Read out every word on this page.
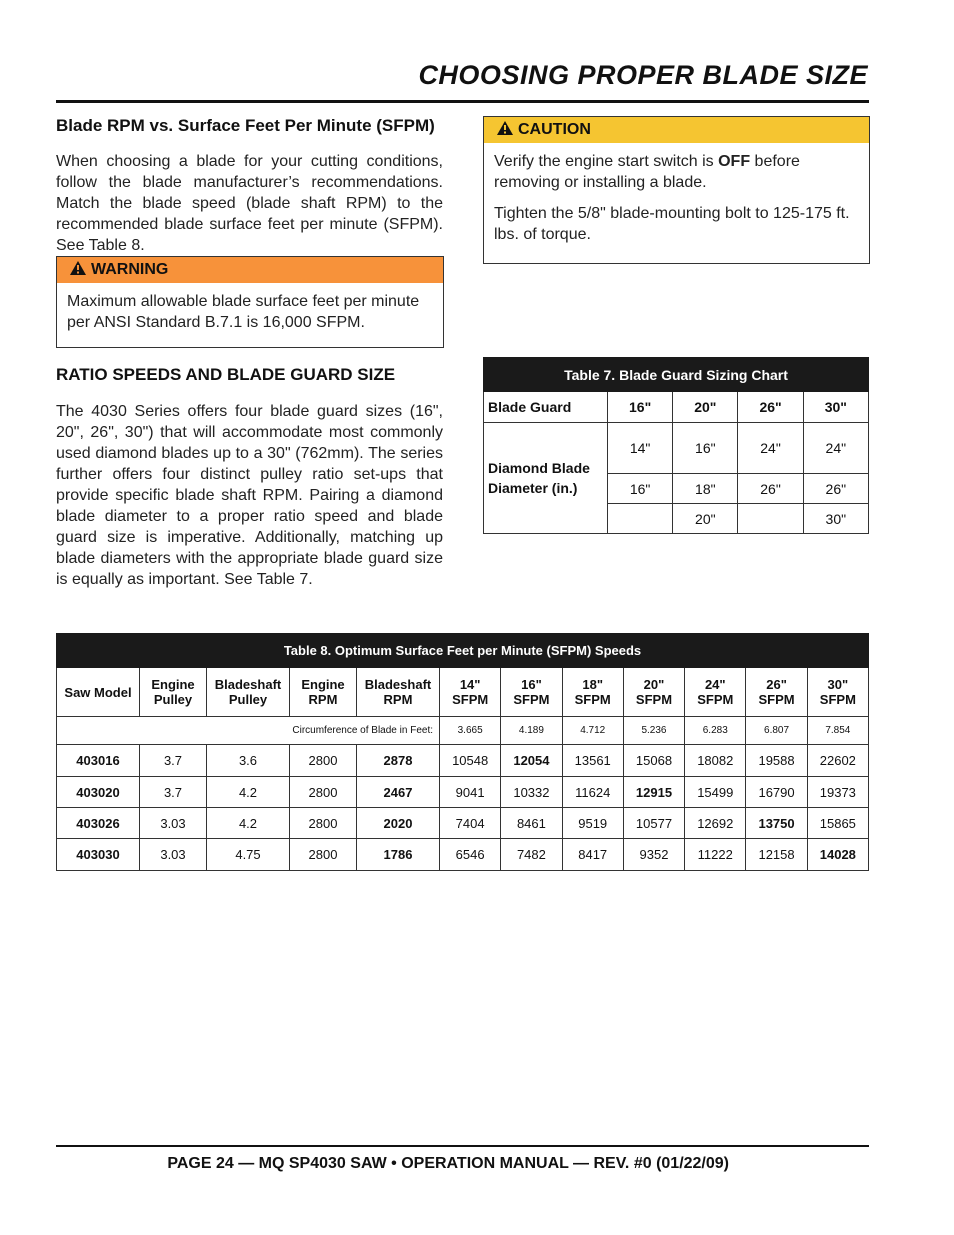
CHOOSING PROPER BLADE SIZE
Blade RPM vs. Surface Feet Per Minute (SFPM)
When choosing a blade for your cutting conditions, follow the blade manufacturer’s recommendations. Match the blade speed (blade shaft RPM) to the recommended blade surface feet per minute (SFPM). See Table 8.
WARNING
Maximum allowable blade surface feet per minute per ANSI Standard B.7.1 is 16,000 SFPM.
CAUTION

Verify the engine start switch is OFF before removing or installing a blade.

Tighten the 5/8" blade-mounting bolt to 125-175 ft. lbs. of torque.

RATIO SPEEDS AND BLADE GUARD SIZE
The 4030 Series offers four blade guard sizes (16", 20", 26", 30") that will accommodate most commonly used diamond blades up to a 30" (762mm). The series further offers four distinct pulley ratio set-ups that provide specific blade shaft RPM. Pairing a diamond blade diameter to a proper ratio speed and blade guard size is imperative. Additionally, matching up blade diameters with the appropriate blade guard size is equally as important. See Table 7.
Table 7. Blade Guard Sizing Chart				
Blade Guard	16"	20"	26"	30"
Diamond Blade Diameter (in.)	14"	16"	24"	24"
	16"	18"	26"	26"
		20"		30"
Table 8. Optimum Surface Feet per Minute (SFPM) Speeds											
Saw Model	Engine Pulley	Bladeshaft Pulley	Engine RPM	Bladeshaft RPM	14" SFPM	16" SFPM	18" SFPM	20" SFPM	24" SFPM	26" SFPM	30" SFPM
Circumference of Blade in Feet:					3.665	4.189	4.712	5.236	6.283	6.807	7.854
403016	3.7	3.6	2800	2878	10548	12054	13561	15068	18082	19588	22602
403020	3.7	4.2	2800	2467	9041	10332	11624	12915	15499	16790	19373
403026	3.03	4.2	2800	2020	7404	8461	9519	10577	12692	13750	15865
403030	3.03	4.75	2800	1786	6546	7482	8417	9352	11222	12158	14028
PAGE 24 — MQ SP4030 SAW • OPERATION MANUAL — REV. #0 (01/22/09)
